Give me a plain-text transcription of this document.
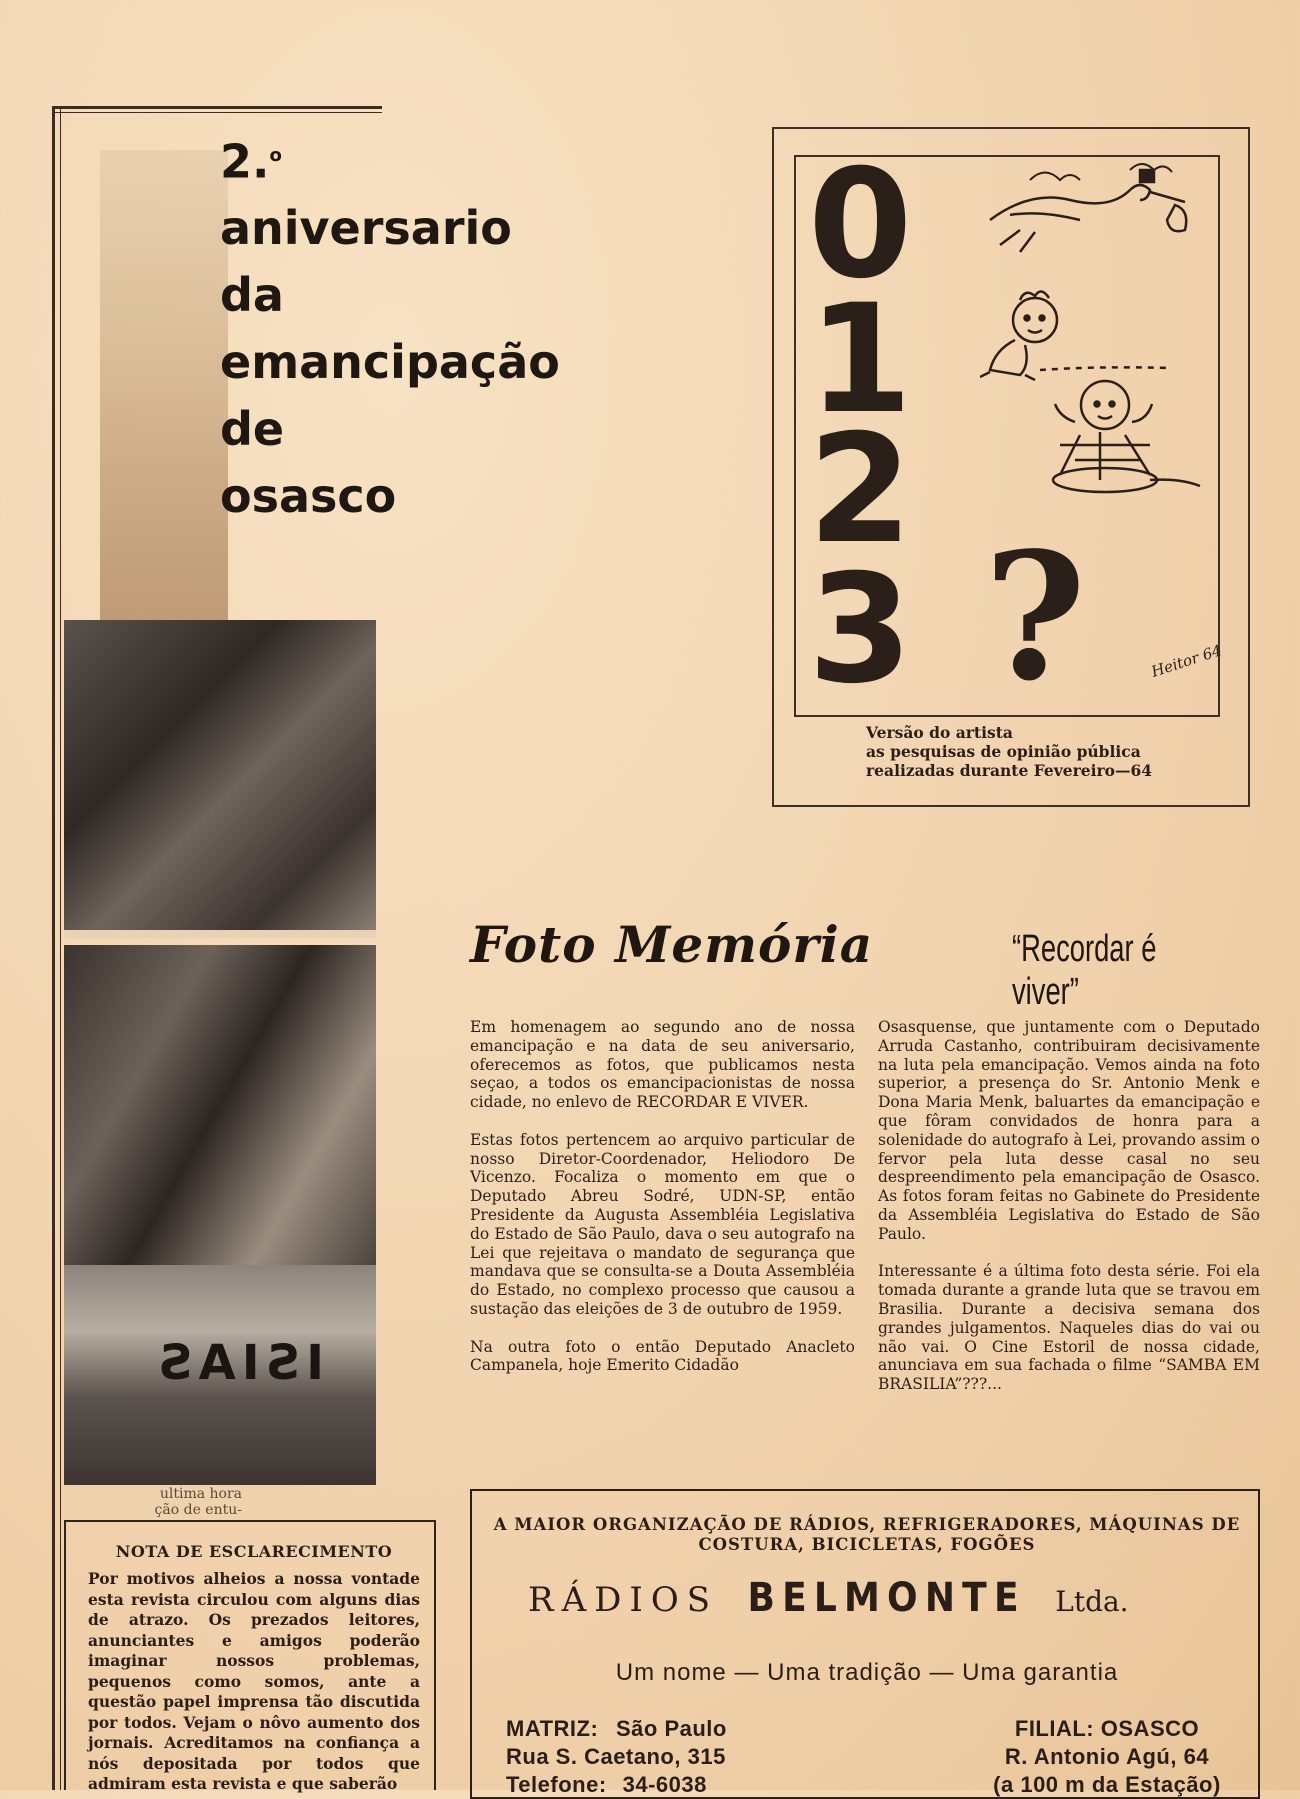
2.$^o$
aniversario
da
emancipação
de
osasco
ISIAS
ultima hora
ção de entu-
NOTA DE ESCLARECIMENTO
Por motivos alheios a nossa vontade esta revista circulou com alguns dias de atrazo. Os prezados leitores, anunciantes e amigos poderão imaginar nossos problemas, pequenos como somos, ante a questão papel imprensa tão discutida por todos. Vejam o nôvo aumento dos jornais. Acreditamos na confiança a nós depositada por todos que admiram esta revista e que saberão
0
1
2
3 ?	Heitor 64
Versão do artista
as pesquisas de opinião pública
realizadas durante Fevereiro—64
Foto Memória	“Recordar é viver”

Em homenagem ao segundo ano de nossa emancipação e na data de seu aniversario, oferecemos as fotos, que publicamos nesta seçao, a todos os emancipacionistas de nossa cidade, no enlevo de RECORDAR E VIVER.

Estas fotos pertencem ao arquivo particular de nosso Diretor-Coordenador, Heliodoro De Vicenzo. Focaliza o momento em que o Deputado Abreu Sodré, UDN-SP, então Presidente da Augusta Assembléia Legislativa do Estado de São Paulo, dava o seu autografo na Lei que rejeitava o mandato de segurança que mandava que se consulta-se a Douta Assembléia do Estado, no complexo processo que causou a sustação das eleições de 3 de outubro de 1959.

Na outra foto o então Deputado Anacleto Campanela, hoje Emerito Cidadão

Osasquense, que juntamente com o Deputado Arruda Castanho, contribuiram decisivamente na luta pela emancipação. Vemos ainda na foto superior, a presença do Sr. Antonio Menk e Dona Maria Menk, baluartes da emancipação e que fôram convidados de honra para a solenidade do autografo à Lei, provando assim o fervor pela luta desse casal no seu despreendimento pela emancipação de Osasco. As fotos foram feitas no Gabinete do Presidente da Assembléia Legislativa do Estado de São Paulo.

Interessante é a última foto desta série. Foi ela tomada durante a grande luta que se travou em Brasilia. Durante a decisiva semana dos grandes julgamentos. Naqueles dias do vai ou não vai. O Cine Estoril de nossa cidade, anunciava em sua fachada o filme “SAMBA EM BRASILIA”???...

A MAIOR ORGANIZAÇÃO DE RÁDIOS, REFRIGERADORES, MÁQUINAS DE COSTURA, BICICLETAS, FOGÕES
RÁDIOS BELMONTE Ltda.
Um nome — Uma tradição — Uma garantia
MATRIZ: São Paulo
Rua S. Caetano, 315
Telefone: 34-6038
FILIAL: OSASCO
R. Antonio Agú, 64
(a 100 m da Estação)
